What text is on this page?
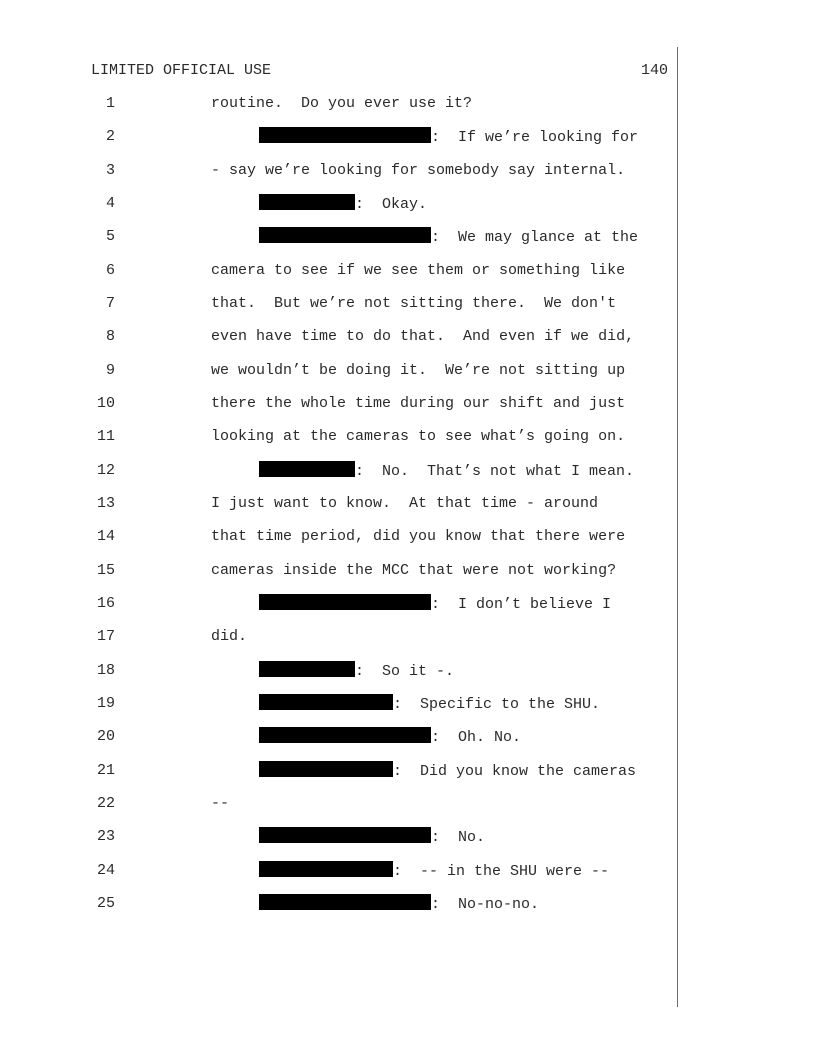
LIMITED OFFICIAL USE	140
1	routine.  Do you ever use it?
2	:  If we’re looking for
3	- say we’re looking for somebody say internal.
4	:  Okay.
5	:  We may glance at the
6	camera to see if we see them or something like
7	that.  But we’re not sitting there.  We don't
8	even have time to do that.  And even if we did,
9	we wouldn’t be doing it.  We’re not sitting up
10	there the whole time during our shift and just
11	looking at the cameras to see what’s going on.
12	:  No.  That’s not what I mean.
13	I just want to know.  At that time - around
14	that time period, did you know that there were
15	cameras inside the MCC that were not working?
16	:  I don’t believe I
17	did.
18	:  So it -.
19	:  Specific to the SHU.
20	:  Oh. No.
21	:  Did you know the cameras
22	--
23	:  No.
24	:  -- in the SHU were --
25	:  No-no-no.
